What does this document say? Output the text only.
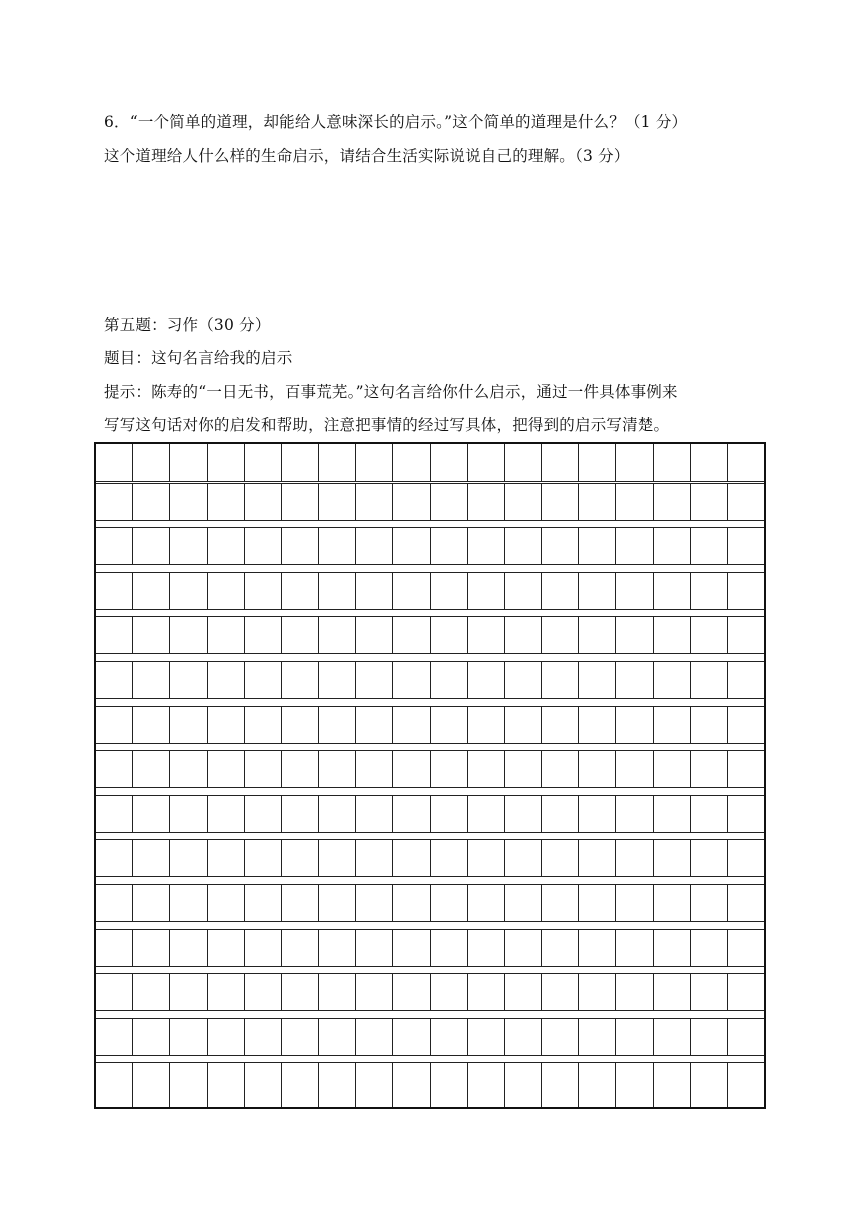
6．“一个简单的道理，却能给人意味深长的启示。”这个简单的道理是什么？（1 分）
这个道理给人什么样的生命启示，请结合生活实际说说自己的理解。（3 分）
第五题：习作（30 分）
题目：这句名言给我的启示
提示：陈寿的“一日无书，百事荒芜。”这句名言给你什么启示，通过一件具体事例来
写写这句话对你的启发和帮助，注意把事情的经过写具体，把得到的启示写清楚。
